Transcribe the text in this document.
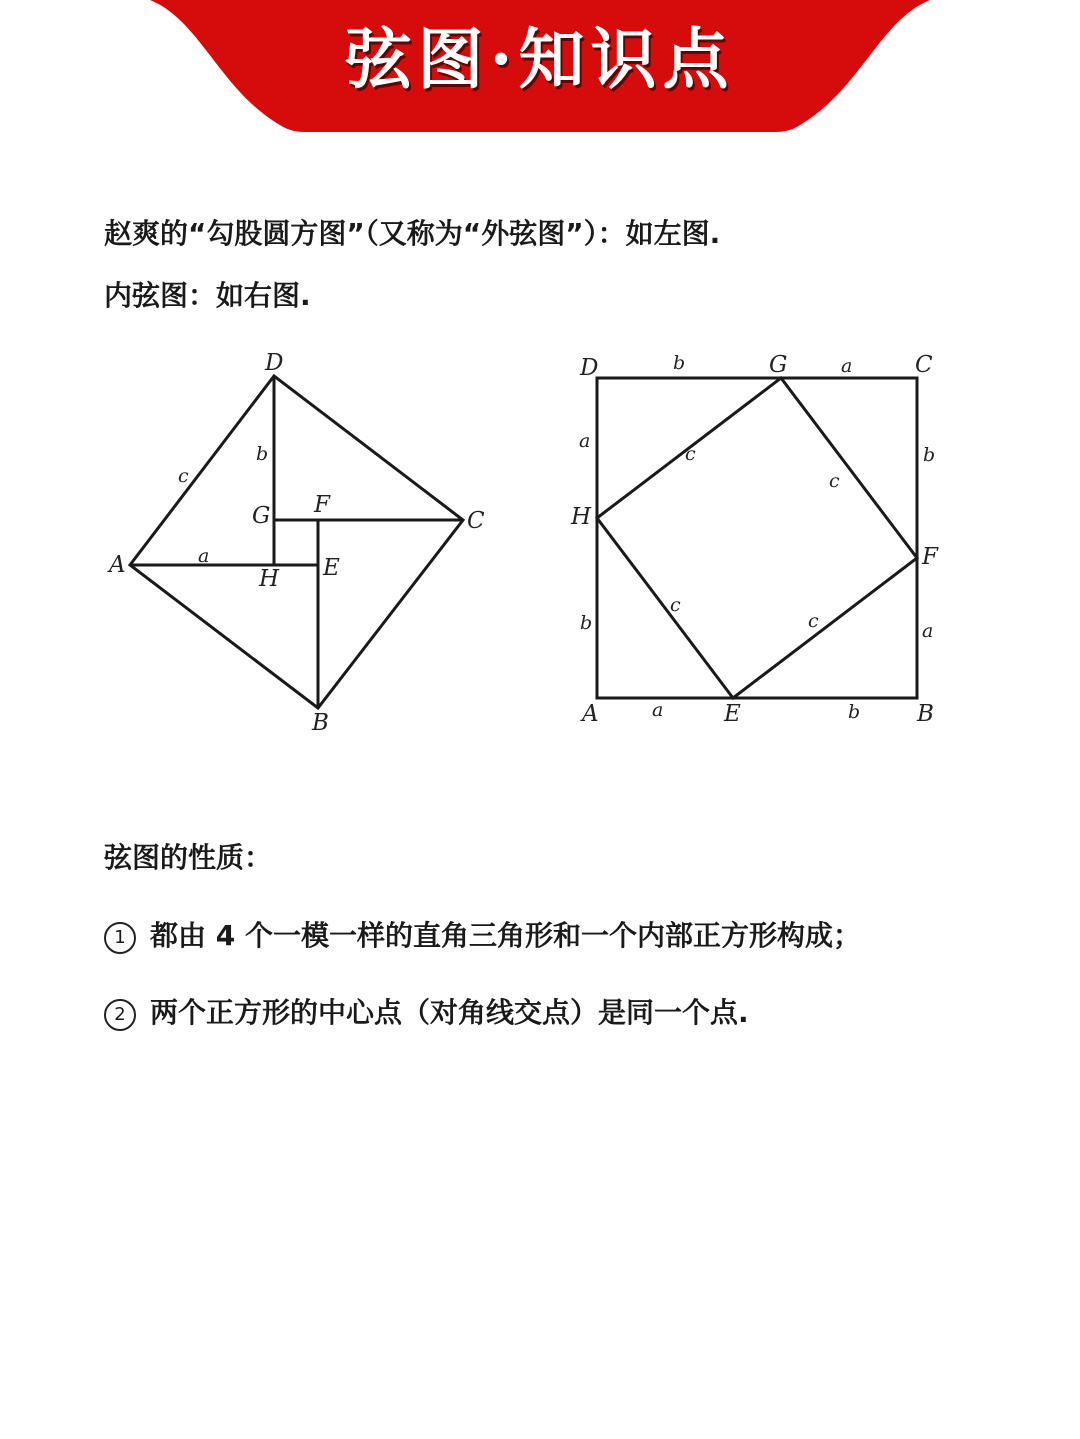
弦图·知识点
赵爽的“勾股圆方图”（又称为“外弦图”）：如左图.
内弦图：如右图.
D
C
B
A
G F
E
H
b
a
c
D	G	C
H
F
A	E	B
b	a
b
a
a	b
a
b
c
c
c
c
弦图的性质：
1 都由 4 个一模一样的直角三角形和一个内部正方形构成；
2 两个正方形的中心点（对角线交点）是同一个点.
